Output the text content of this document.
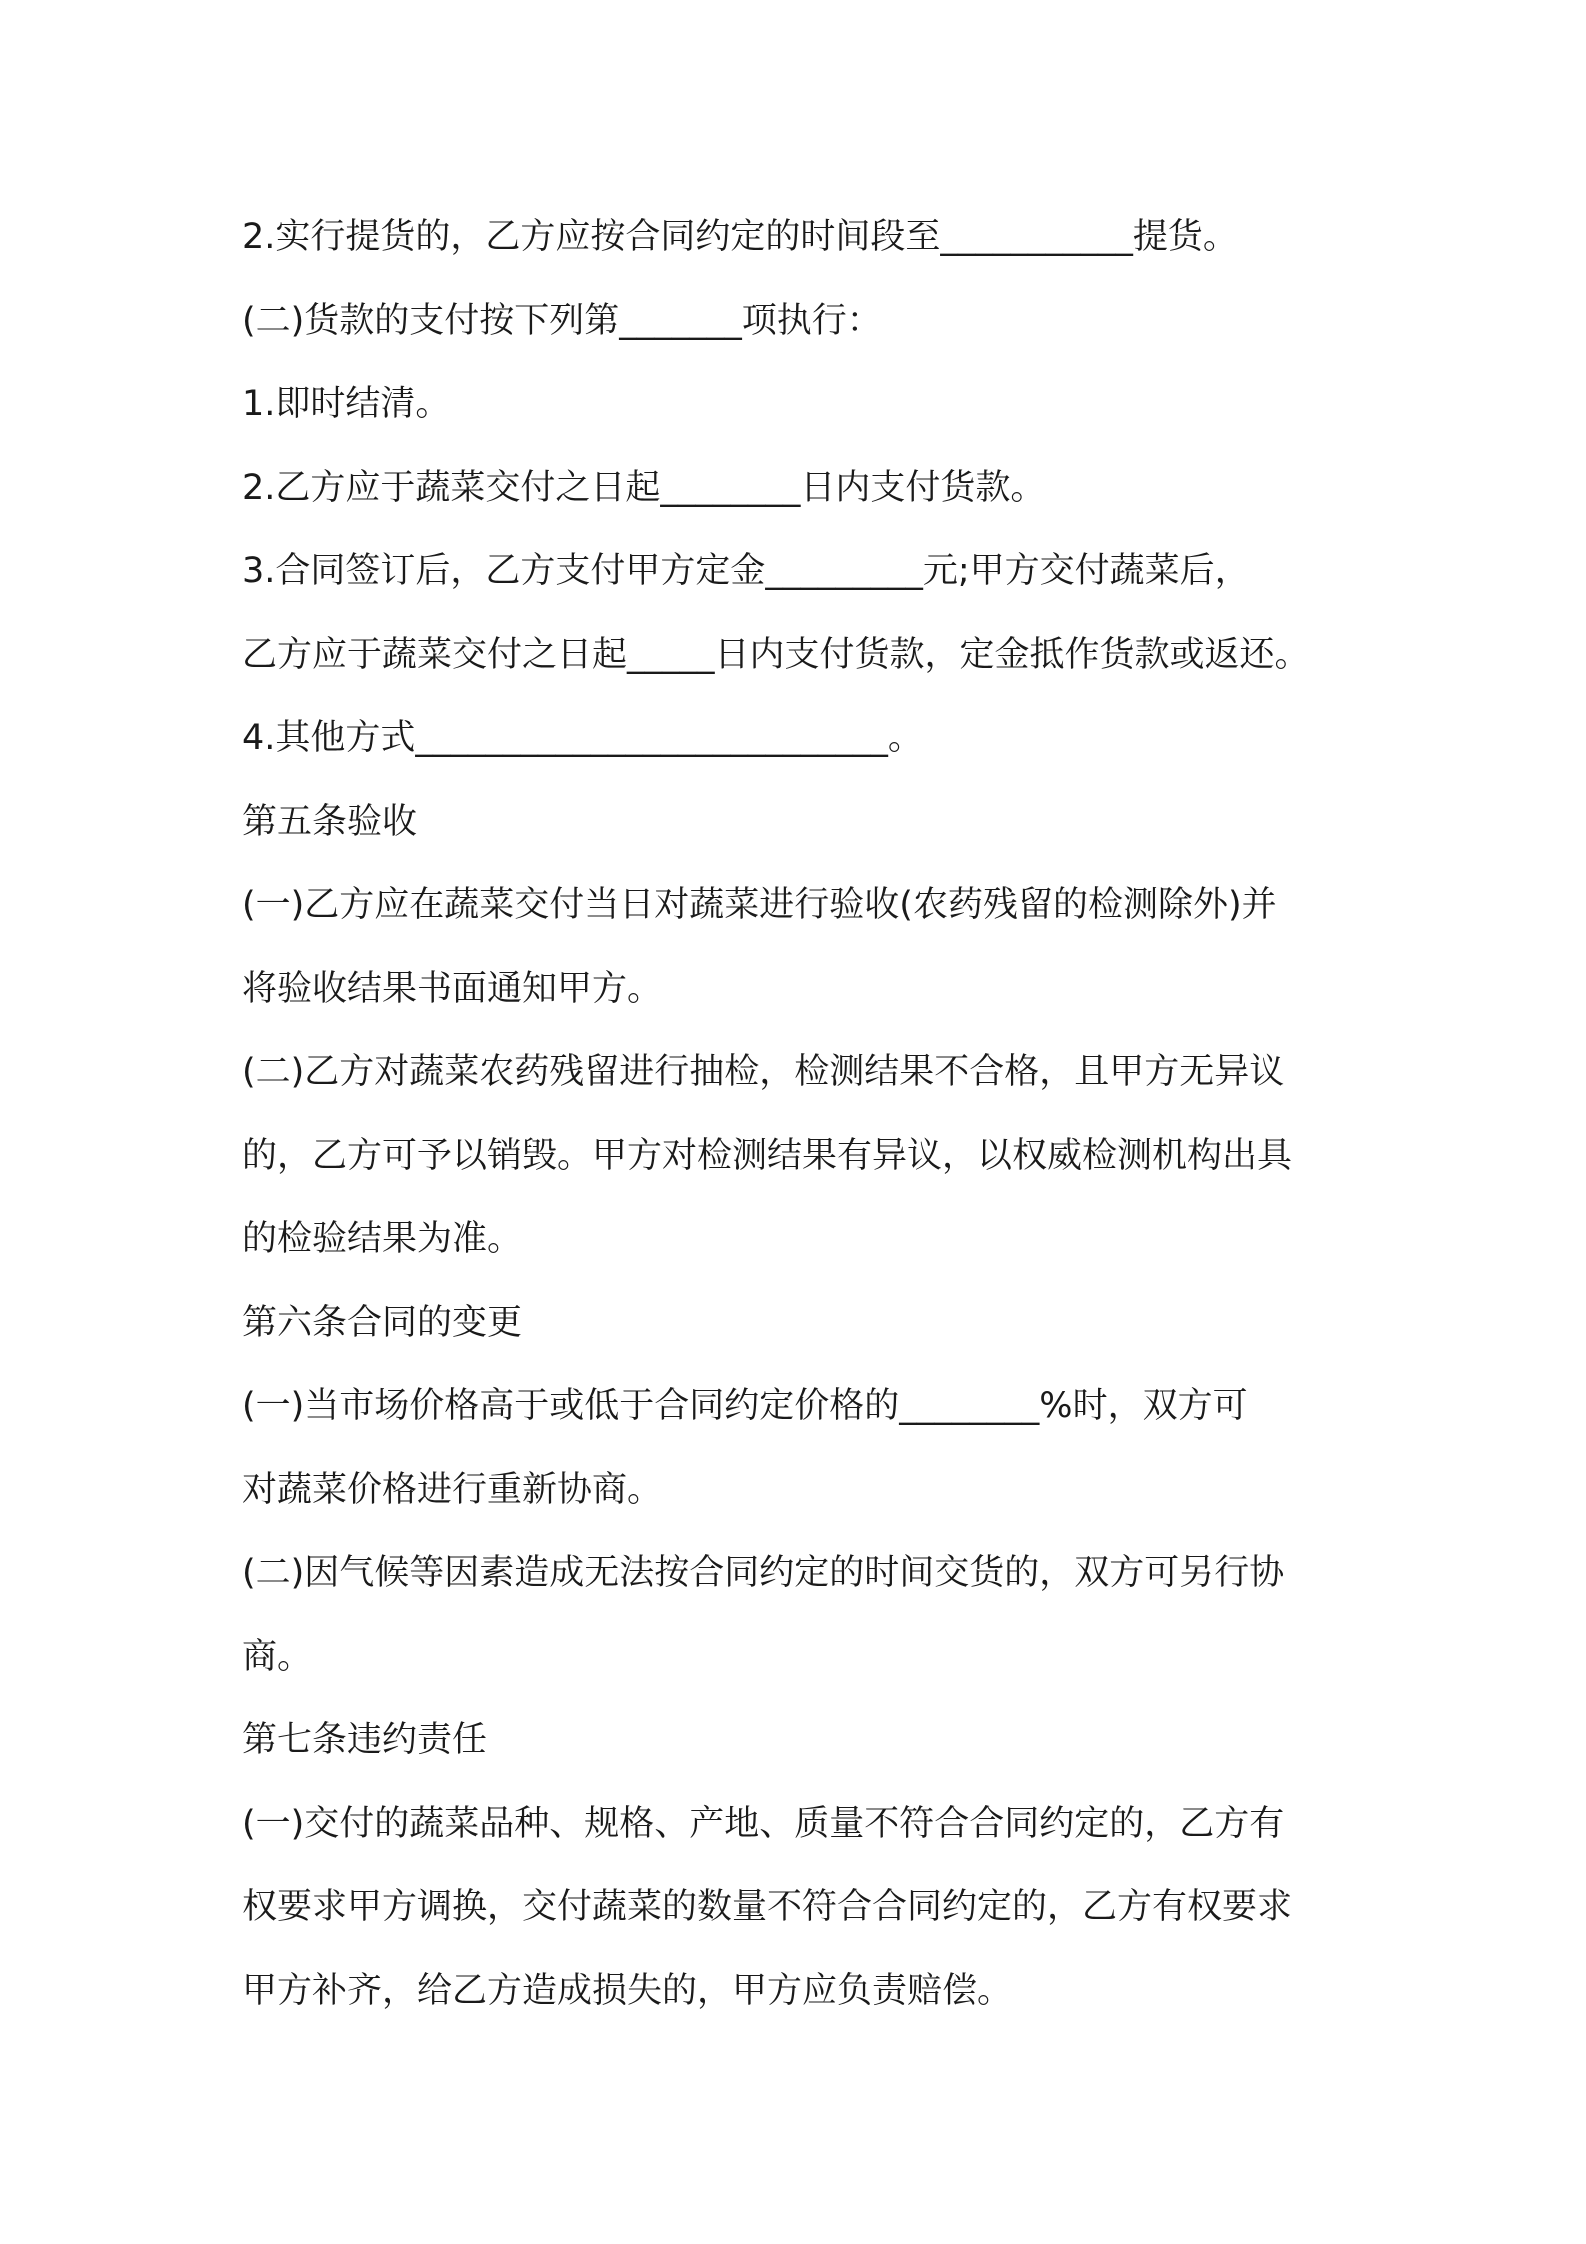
2.实行提货的，乙方应按合同约定的时间段至___________提货。
(二)货款的支付按下列第_______项执行：
1.即时结清。
2.乙方应于蔬菜交付之日起________日内支付货款。
3.合同签订后，乙方支付甲方定金_________元;甲方交付蔬菜后，
乙方应于蔬菜交付之日起_____日内支付货款，定金抵作货款或返还。
4.其他方式___________________________。
第五条验收
(一)乙方应在蔬菜交付当日对蔬菜进行验收(农药残留的检测除外)并
将验收结果书面通知甲方。
(二)乙方对蔬菜农药残留进行抽检，检测结果不合格，且甲方无异议
的，乙方可予以销毁。甲方对检测结果有异议，以权威检测机构出具
的检验结果为准。
第六条合同的变更
(一)当市场价格高于或低于合同约定价格的________%时，双方可
对蔬菜价格进行重新协商。
(二)因气候等因素造成无法按合同约定的时间交货的，双方可另行协
商。
第七条违约责任
(一)交付的蔬菜品种、规格、产地、质量不符合合同约定的，乙方有
权要求甲方调换，交付蔬菜的数量不符合合同约定的，乙方有权要求
甲方补齐，给乙方造成损失的，甲方应负责赔偿。
